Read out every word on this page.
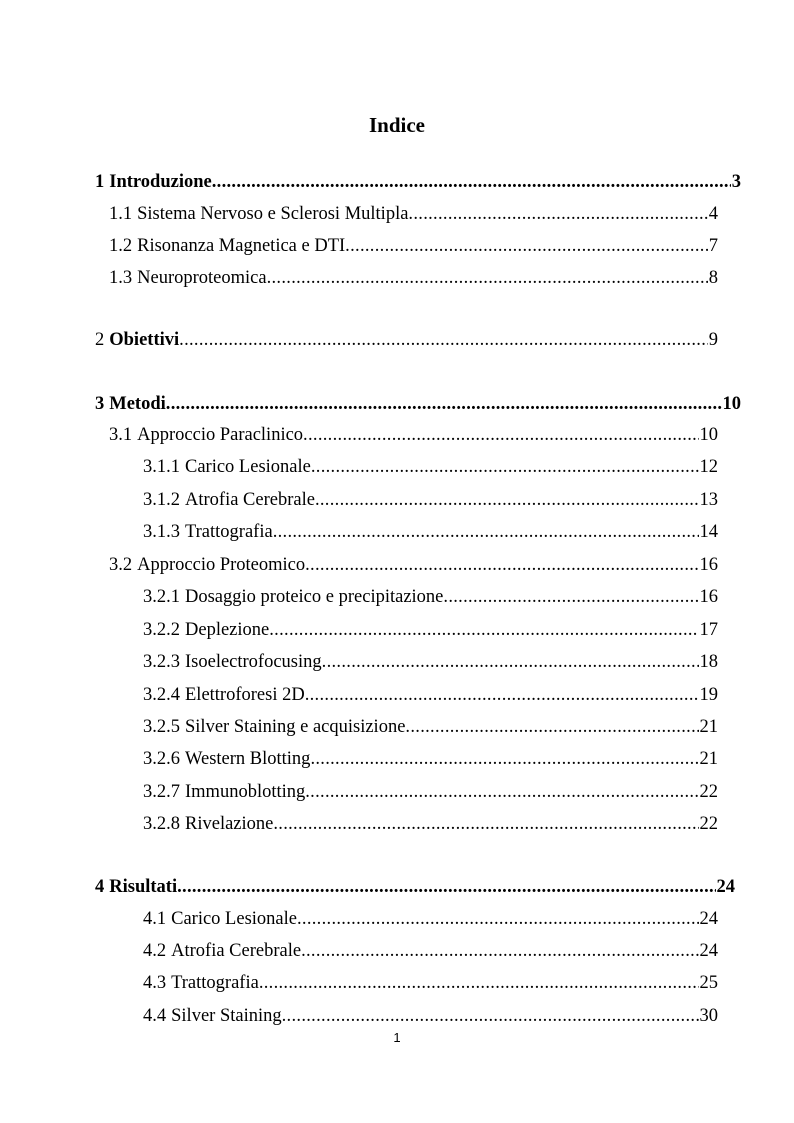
Indice
1 Introduzione .....	3
1.1 Sistema Nervoso e Sclerosi Multipla .....	4
1.2 Risonanza Magnetica e DTI .....	7
1.3 Neuroproteomica .....	8
2 Obiettivi .....	9
3 Metodi .....	10
3.1 Approccio Paraclinico .....	10
3.1.1 Carico Lesionale .....	12
3.1.2 Atrofia Cerebrale .....	13
3.1.3 Trattografia .....	14
3.2 Approccio Proteomico .....	16
3.2.1 Dosaggio proteico e precipitazione .....	16
3.2.2 Deplezione .....	17
3.2.3 Isoelectrofocusing .....	18
3.2.4 Elettroforesi 2D .....	19
3.2.5 Silver Staining e acquisizione .....	21
3.2.6 Western Blotting .....	21
3.2.7 Immunoblotting .....	22
3.2.8 Rivelazione .....	22
4 Risultati .....	24
4.1 Carico Lesionale .....	24
4.2 Atrofia Cerebrale .....	24
4.3 Trattografia .....	25
4.4 Silver Staining .....	30
1
